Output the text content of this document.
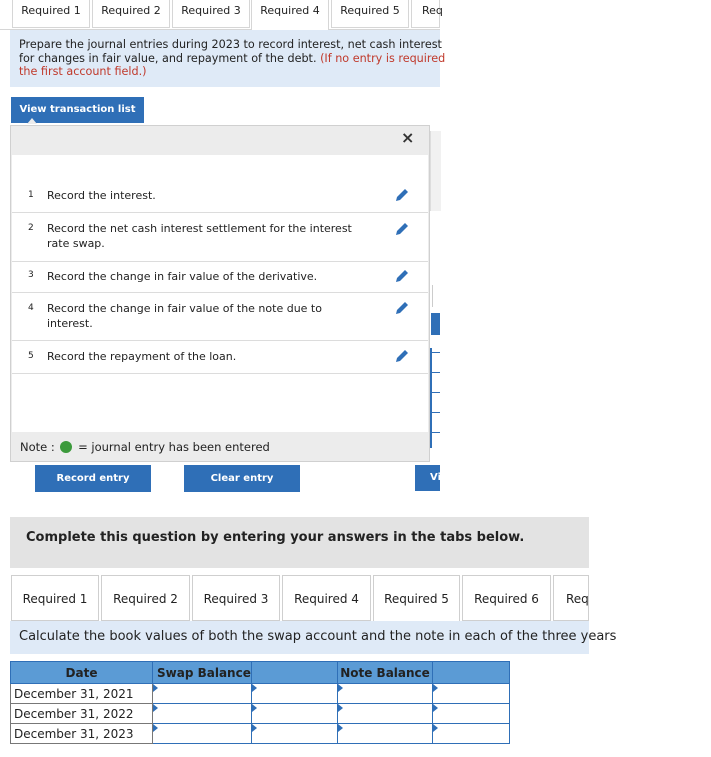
Required 1	Required 2	Required 3	Required 4	Required 5	Req
Prepare the journal entries during 2023 to record interest, net cash interest
for changes in fair value, and repayment of the debt. (If no entry is required
the first account field.)
View transaction list
Vi
×
1 Record the interest.
2 Record the net cash interest settlement for the interest rate swap.
3 Record the change in fair value of the derivative.
4 Record the change in fair value of the note due to interest.
5 Record the repayment of the loan.
Note : = journal entry has been entered
Record entry	Clear entry
Complete this question by entering your answers in the tabs below.
Required 1	Required 2	Required 3	Required 4	Required 5	Required 6	Req
Calculate the book values of both the swap account and the note in each of the three years
Date	Swap Balance		Note Balance	
December 31, 2021				
December 31, 2022				
December 31, 2023				
